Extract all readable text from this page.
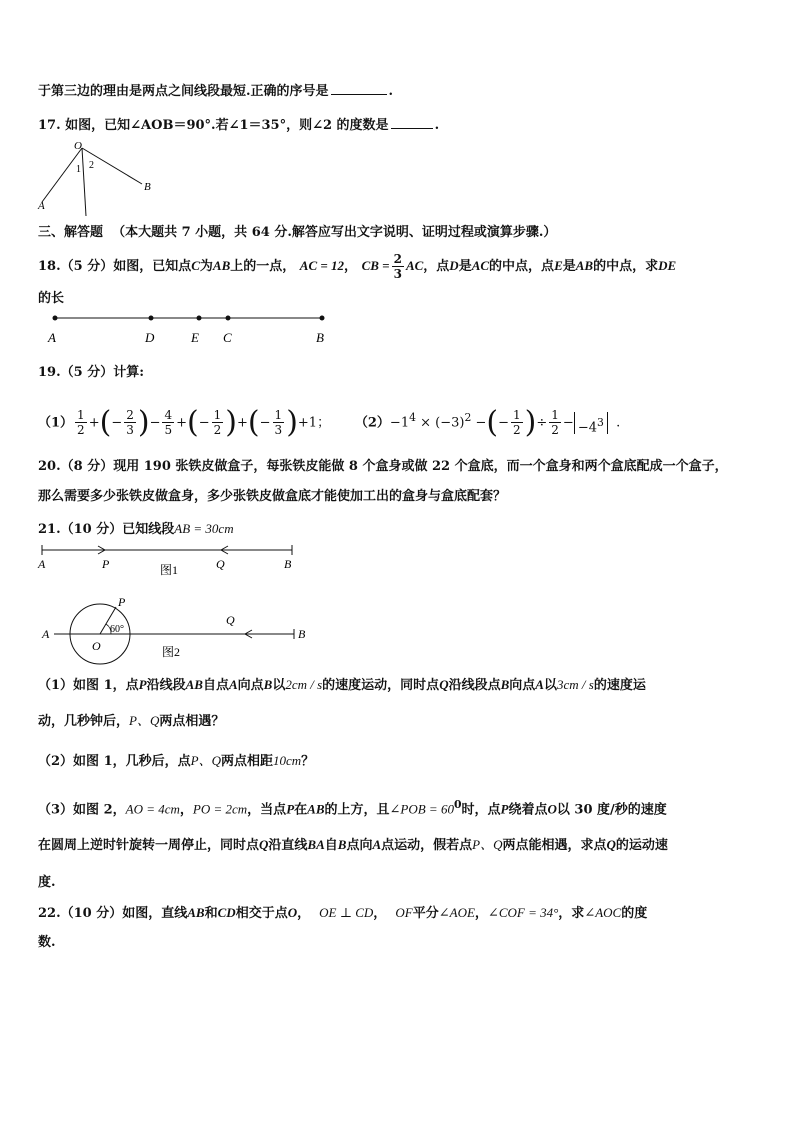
于第三边的理由是两点之间线段最短.正确的序号是	.
17. 如图，已知∠AOB＝90°.若∠1＝35°，则∠2 的度数是	.
O
1 2
A
B
三、解答题 （本大题共 7 小题，共 64 分.解答应写出文字说明、证明过程或演算步骤.）
18.（5 分）如图，已知点C为AB上的一点， AC = 12， CB = $\frac{2}{3}$ AC，点D是AC的中点，点E是AB的中点，求DE
的长
A	D	E C	B
19.（5 分）计算:
$(1) \frac{1}{2}$ +(− $\frac{2}{3}$ )− $\frac{4}{5}$ +(− $\frac{1}{2}$ )+(− $\frac{1}{3} )+1$； $(2)-1^4 \times (-3)^2$ −(− $\frac{1}{2}$ )÷ $\frac{1}{2} - -4^3$ .
20.（8 分）现用 190 张铁皮做盒子，每张铁皮能做 8 个盒身或做 22 个盒底，而一个盒身和两个盒底配成一个盒子，
那么需要多少张铁皮做盒身，多少张铁皮做盒底才能使加工出的盒身与盒底配套？
21.（10 分）已知线段AB = 30cm
A	P	Q	B
图1
A
P
O
60°
Q
B
图2
（1）如图 1，点P沿线段AB自点A向点B以2cm / s的速度运动，同时点Q沿线段点B向点A以3cm / s的速度运
动，几秒钟后，P、Q两点相遇？
（2）如图 1，几秒后，点P、Q两点相距10cm？
（3）如图 2，AO = 4cm，PO = 2cm，当点P在AB的上方，且∠POB = $60^0$时，点P绕着点O以 30 度/秒的速度
在圆周上逆时针旋转一周停止，同时点Q沿直线BA自B点向A点运动，假若点P、Q两点能相遇，求点Q的运动速
度.
22.（10 分）如图，直线AB和CD相交于点O， OE ⊥ CD， OF平分∠AOE，∠COF = 34°，求∠AOC的度
数.
